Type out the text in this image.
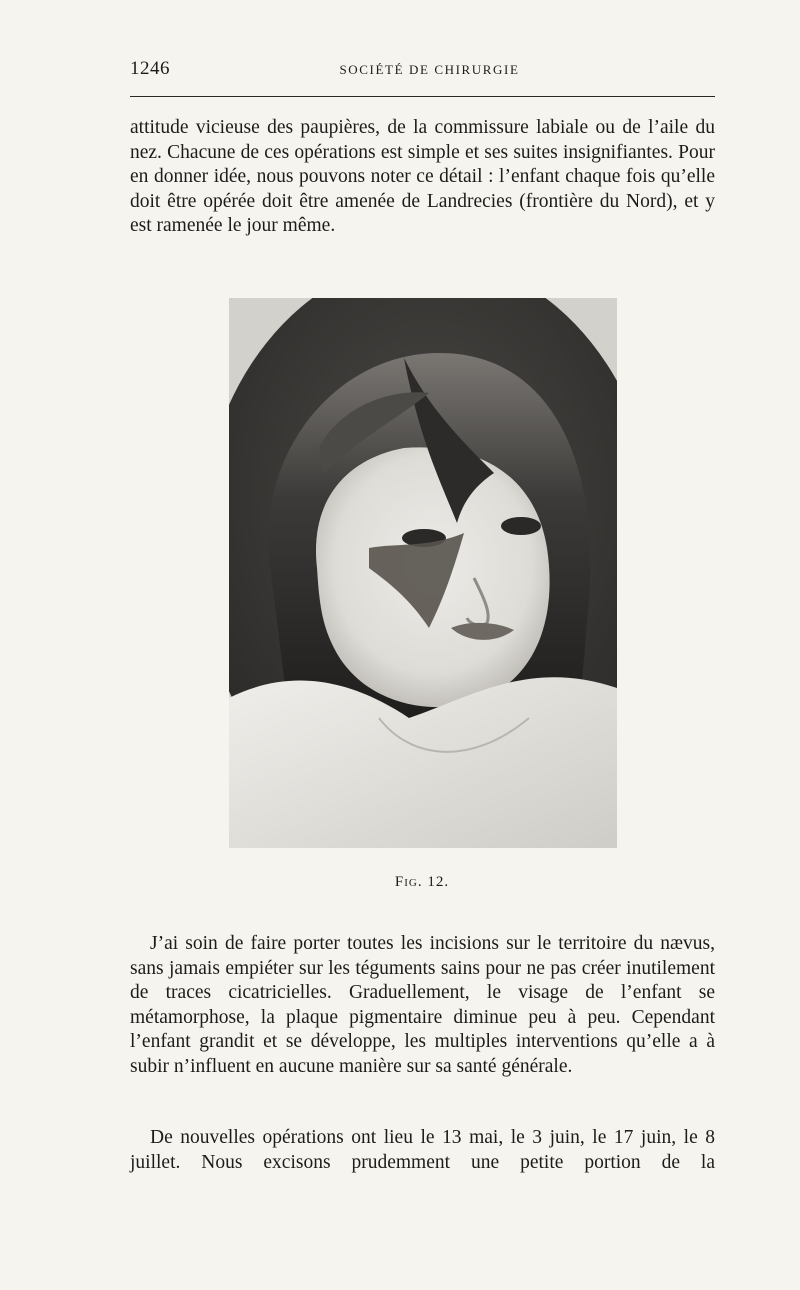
1246	SOCIÉTÉ DE CHIRURGIE

attitude vicieuse des paupières, de la commissure labiale ou de l’aile du nez. Chacune de ces opérations est simple et ses suites insignifiantes. Pour en donner idée, nous pouvons noter ce détail : l’enfant chaque fois qu’elle doit être opérée doit être amenée de Landrecies (frontière du Nord), et y est ramenée le jour même.

Fig. 12.

J’ai soin de faire porter toutes les incisions sur le territoire du nævus, sans jamais empiéter sur les téguments sains pour ne pas créer inutilement de traces cicatricielles. Graduellement, le visage de l’enfant se métamorphose, la plaque pigmentaire diminue peu à peu. Cependant l’enfant grandit et se développe, les multiples interventions qu’elle a à subir n’influent en aucune manière sur sa santé générale.

De nouvelles opérations ont lieu le 13 mai, le 3 juin, le 17 juin, le 8 juillet. Nous excisons prudemment une petite portion de la
